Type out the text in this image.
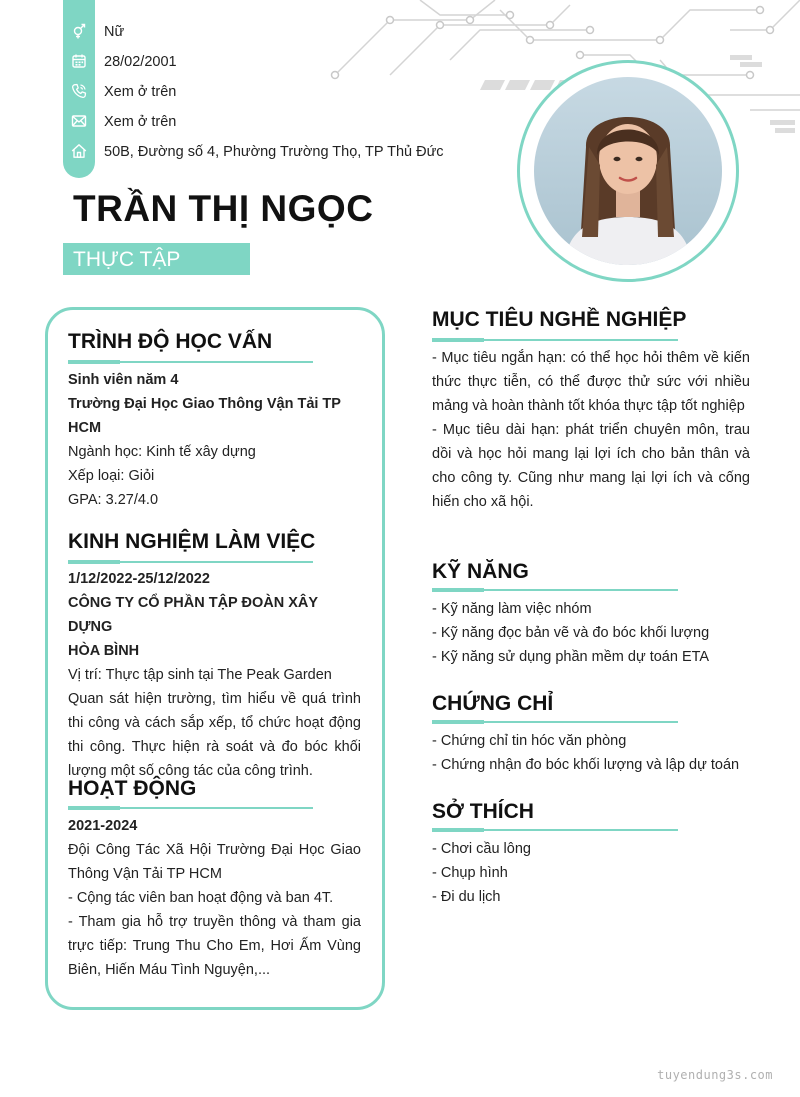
Nữ
28/02/2001
Xem ở trên
Xem ở trên
50B, Đường số 4, Phường Trường Thọ, TP Thủ Đức
TRẦN THỊ NGỌC
THỰC TẬP
TRÌNH ĐỘ HỌC VẤN
Sinh viên năm 4
Trường Đại Học Giao Thông Vận Tải TP
HCM
Ngành học: Kinh tế xây dựng
Xếp loại: Giỏi
GPA: 3.27/4.0
KINH NGHIỆM LÀM VIỆC
1/12/2022-25/12/2022
CÔNG TY CỔ PHẦN TẬP ĐOÀN XÂY DỰNG
HÒA BÌNH
Vị trí: Thực tập sinh tại The Peak Garden
Quan sát hiện trường, tìm hiểu về quá trình thi công và cách sắp xếp, tổ chức hoạt động thi công. Thực hiện rà soát và đo bóc khối lượng một số công tác của công trình.
HOẠT ĐỘNG
2021-2024
Đội Công Tác Xã Hội Trường Đại Học Giao Thông Vận Tải TP HCM
- Cộng tác viên ban hoạt động và ban 4T.
- Tham gia hỗ trợ truyền thông và tham gia trực tiếp: Trung Thu Cho Em, Hơi Ấm Vùng Biên, Hiến Máu Tình Nguyện,...
MỤC TIÊU NGHỀ NGHIỆP
- Mục tiêu ngắn hạn: có thể học hỏi thêm về kiến thức thực tiễn, có thể được thử sức với nhiều mảng và hoàn thành tốt khóa thực tập tốt nghiệp
- Mục tiêu dài hạn: phát triển chuyên môn, trau dồi và học hỏi mang lại lợi ích cho bản thân và cho công ty. Cũng như mang lại lợi ích và cống hiến cho xã hội.
KỸ NĂNG
- Kỹ năng làm việc nhóm
- Kỹ năng đọc bản vẽ và đo bóc khối lượng
- Kỹ năng sử dụng phần mềm dự toán ETA
CHỨNG CHỈ
- Chứng chỉ tin hóc văn phòng
- Chứng nhận đo bóc khối lượng và lập dự toán
SỞ THÍCH
- Chơi cầu lông
- Chụp hình
- Đi du lịch
tuyendung3s.com
